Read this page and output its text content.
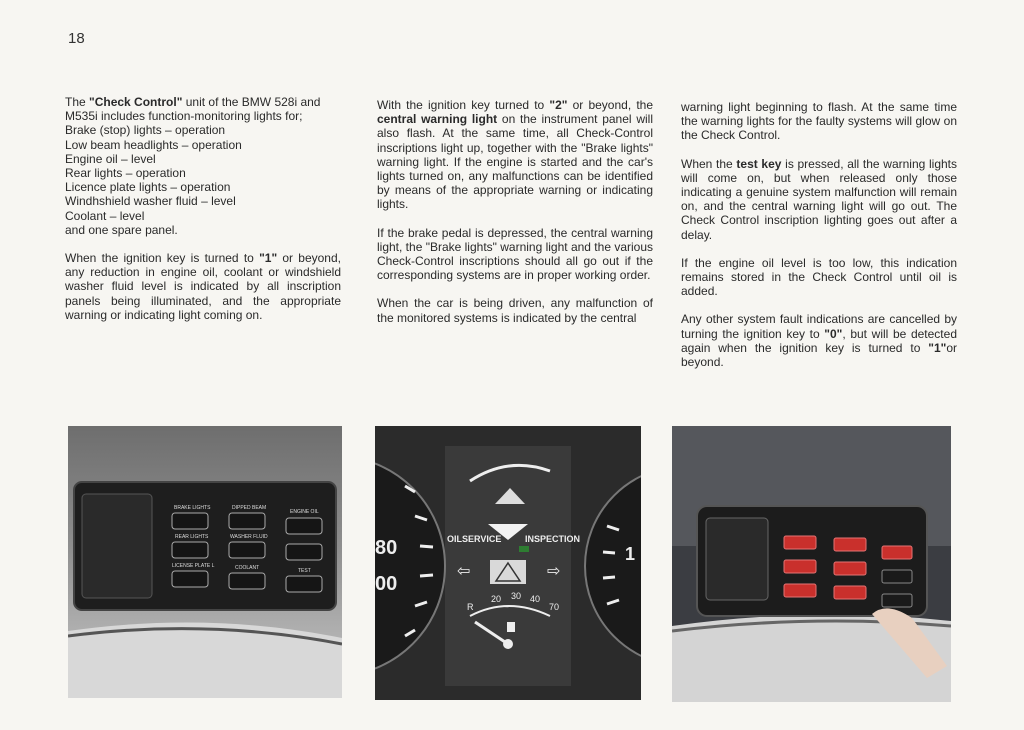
18

The "Check Control" unit of the BMW 528i and M535i includes function-monitoring lights for;
Brake (stop) lights – operation
Low beam headlights – operation
Engine oil – level
Rear lights – operation
Licence plate lights – operation
Windhshield washer fluid – level
Coolant – level
and one spare panel.

When the ignition key is turned to "1" or beyond, any reduction in engine oil, coolant or windshield washer fluid level is indicated by all inscription panels being illuminated, and the appropriate warning or indicating light coming on.

With the ignition key turned to "2" or beyond, the central warning light on the instrument panel will also flash. At the same time, all Check-Control inscriptions light up, together with the "Brake lights" warning light. If the engine is started and the car's lights turned on, any malfunctions can be identified by means of the appropriate warning or indicating lights.

If the brake pedal is depressed, the central warning light, the "Brake lights" warning light and the various Check-Control inscriptions should all go out if the corresponding systems are in proper working order.

When the car is being driven, any malfunction of the monitored systems is indicated by the central

warning light beginning to flash. At the same time the warning lights for the faulty systems will glow on the Check Control.

When the test key is pressed, all the warning lights will come on, but when released only those indicating a genuine system malfunction will remain on, and the central warning light will go out. The Check Control inscription lighting goes out after a delay.

If the engine oil level is too low, this indication remains stored in the Check Control until oil is added.

Any other system fault indications are cancelled by turning the ignition key to "0", but will be detected again when the ignition key is turned to "1"or beyond.

BRAKE LIGHTS	DIPPED BEAM
ENGINE OIL
REAR LIGHTS	WASHER FLUID
LICENSE PLATE L	COOLANT	TEST
80
00
1
OILSERVICE	INSPECTION
⇦	⇨
R
20 30 40
70
